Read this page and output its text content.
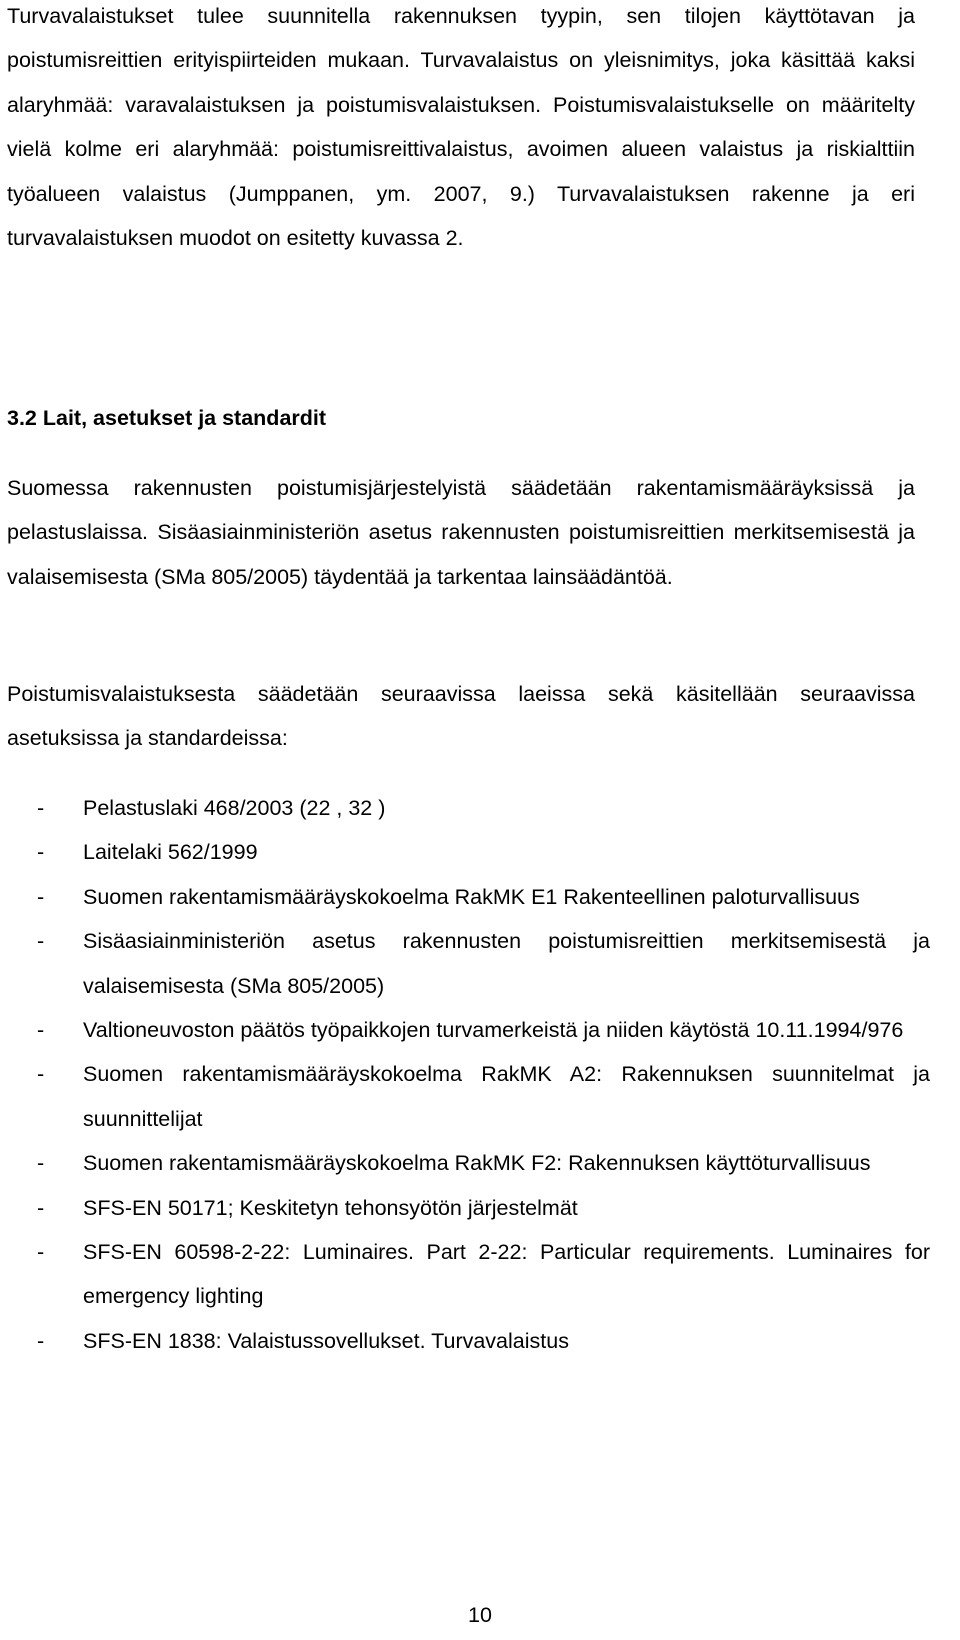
Turvavalaistukset tulee suunnitella rakennuksen tyypin, sen tilojen käyttötavan ja poistumisreittien erityispiirteiden mukaan. Turvavalaistus on yleisnimitys, joka käsittää kaksi alaryhmää: varavalaistuksen ja poistumisvalaistuksen. Poistumisvalaistukselle on määritelty vielä kolme eri alaryhmää: poistumisreittivalaistus, avoimen alueen valaistus ja riskialttiin työalueen valaistus (Jumppanen, ym. 2007, 9.) Turvavalaistuksen rakenne ja eri turvavalaistuksen muodot on esitetty kuvassa 2.

3.2 Lait, asetukset ja standardit

Suomessa rakennusten poistumisjärjestelyistä säädetään rakentamismääräyksissä ja pelastuslaissa. Sisäasiainministeriön asetus rakennusten poistumisreittien merkitsemisestä ja valaisemisesta (SMa 805/2005) täydentää ja tarkentaa lainsäädäntöä.

Poistumisvalaistuksesta säädetään seuraavissa laeissa sekä käsitellään seuraavissa asetuksissa ja standardeissa:

- Pelastuslaki 468/2003 (22 , 32 )
- Laitelaki 562/1999
- Suomen rakentamismääräyskokoelma RakMK E1 Rakenteellinen paloturvallisuus
- Sisäasiainministeriön asetus rakennusten poistumisreittien merkitsemisestä ja valaisemisesta (SMa 805/2005)
- Valtioneuvoston päätös työpaikkojen turvamerkeistä ja niiden käytöstä 10.11.1994/976
- Suomen rakentamismääräyskokoelma RakMK A2: Rakennuksen suunnitelmat ja suunnittelijat
- Suomen rakentamismääräyskokoelma RakMK F2: Rakennuksen käyttöturvallisuus
- SFS-EN 50171; Keskitetyn tehonsyötön järjestelmät
- SFS-EN 60598-2-22: Luminaires. Part 2-22: Particular requirements. Luminaires for emergency lighting
- SFS-EN 1838: Valaistussovellukset. Turvavalaistus
10
